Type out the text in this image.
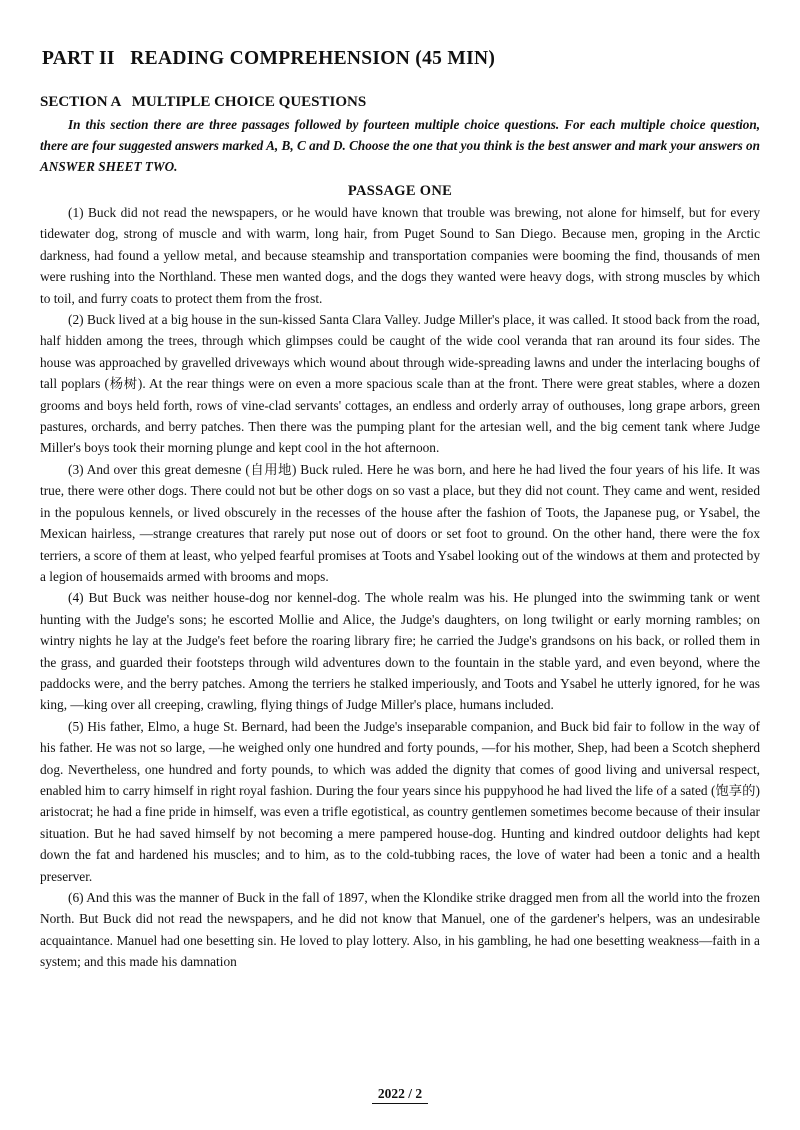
PART II   READING COMPREHENSION (45 MIN)
SECTION A   MULTIPLE CHOICE QUESTIONS

In this section there are three passages followed by fourteen multiple choice questions. For each multiple choice question, there are four suggested answers marked A, B, C and D. Choose the one that you think is the best answer and mark your answers on ANSWER SHEET TWO.

PASSAGE ONE

(1) Buck did not read the newspapers, or he would have known that trouble was brewing, not alone for himself, but for every tidewater dog, strong of muscle and with warm, long hair, from Puget Sound to San Diego. Because men, groping in the Arctic darkness, had found a yellow metal, and because steamship and transportation companies were booming the find, thousands of men were rushing into the Northland. These men wanted dogs, and the dogs they wanted were heavy dogs, with strong muscles by which to toil, and furry coats to protect them from the frost.

(2) Buck lived at a big house in the sun-kissed Santa Clara Valley. Judge Miller's place, it was called. It stood back from the road, half hidden among the trees, through which glimpses could be caught of the wide cool veranda that ran around its four sides. The house was approached by gravelled driveways which wound about through wide-spreading lawns and under the interlacing boughs of tall poplars (杨树). At the rear things were on even a more spacious scale than at the front. There were great stables, where a dozen grooms and boys held forth, rows of vine-clad servants' cottages, an endless and orderly array of outhouses, long grape arbors, green pastures, orchards, and berry patches. Then there was the pumping plant for the artesian well, and the big cement tank where Judge Miller's boys took their morning plunge and kept cool in the hot afternoon.

(3) And over this great demesne (自用地) Buck ruled. Here he was born, and here he had lived the four years of his life. It was true, there were other dogs. There could not but be other dogs on so vast a place, but they did not count. They came and went, resided in the populous kennels, or lived obscurely in the recesses of the house after the fashion of Toots, the Japanese pug, or Ysabel, the Mexican hairless, —strange creatures that rarely put nose out of doors or set foot to ground. On the other hand, there were the fox terriers, a score of them at least, who yelped fearful promises at Toots and Ysabel looking out of the windows at them and protected by a legion of housemaids armed with brooms and mops.

(4) But Buck was neither house-dog nor kennel-dog. The whole realm was his. He plunged into the swimming tank or went hunting with the Judge's sons; he escorted Mollie and Alice, the Judge's daughters, on long twilight or early morning rambles; on wintry nights he lay at the Judge's feet before the roaring library fire; he carried the Judge's grandsons on his back, or rolled them in the grass, and guarded their footsteps through wild adventures down to the fountain in the stable yard, and even beyond, where the paddocks were, and the berry patches. Among the terriers he stalked imperiously, and Toots and Ysabel he utterly ignored, for he was king, —king over all creeping, crawling, flying things of Judge Miller's place, humans included.

(5) His father, Elmo, a huge St. Bernard, had been the Judge's inseparable companion, and Buck bid fair to follow in the way of his father. He was not so large, —he weighed only one hundred and forty pounds, —for his mother, Shep, had been a Scotch shepherd dog. Nevertheless, one hundred and forty pounds, to which was added the dignity that comes of good living and universal respect, enabled him to carry himself in right royal fashion. During the four years since his puppyhood he had lived the life of a sated (饱享的) aristocrat; he had a fine pride in himself, was even a trifle egotistical, as country gentlemen sometimes become because of their insular situation. But he had saved himself by not becoming a mere pampered house-dog. Hunting and kindred outdoor delights had kept down the fat and hardened his muscles; and to him, as to the cold-tubbing races, the love of water had been a tonic and a health preserver.

(6) And this was the manner of Buck in the fall of 1897, when the Klondike strike dragged men from all the world into the frozen North. But Buck did not read the newspapers, and he did not know that Manuel, one of the gardener's helpers, was an undesirable acquaintance. Manuel had one besetting sin. He loved to play lottery. Also, in his gambling, he had one besetting weakness—faith in a system; and this made his damnation

2022 / 2
